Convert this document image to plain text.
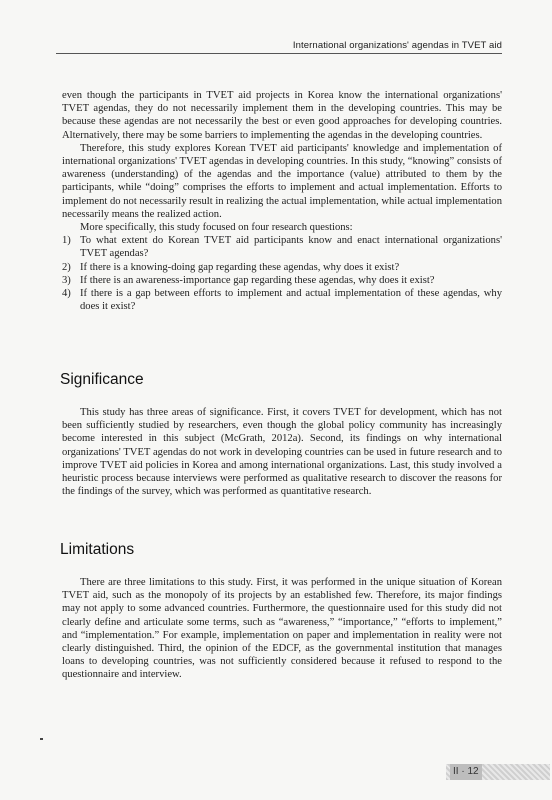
International organizations' agendas in TVET aid

even though the participants in TVET aid projects in Korea know the international organizations' TVET agendas, they do not necessarily implement them in the developing countries. This may be because these agendas are not necessarily the best or even good approaches for developing countries. Alternatively, there may be some barriers to implementing the agendas in the developing countries.

Therefore, this study explores Korean TVET aid participants' knowledge and implementation of international organizations' TVET agendas in developing countries. In this study, “knowing” consists of awareness (understanding) of the agendas and the importance (value) attributed to them by the participants, while “doing” comprises the efforts to implement and actual implementation. Efforts to implement do not necessarily result in realizing the actual implementation, while actual implementation necessarily means the realized action.

More specifically, this study focused on four research questions:

1) To what extent do Korean TVET aid participants know and enact international organizations' TVET agendas?
2) If there is a knowing-doing gap regarding these agendas, why does it exist?
3) If there is an awareness-importance gap regarding these agendas, why does it exist?
4) If there is a gap between efforts to implement and actual implementation of these agendas, why does it exist?
Significance

This study has three areas of significance. First, it covers TVET for development, which has not been sufficiently studied by researchers, even though the global policy community has increasingly become interested in this subject (McGrath, 2012a). Second, its findings on why international organizations' TVET agendas do not work in developing countries can be used in future research and to improve TVET aid policies in Korea and among international organizations. Last, this study involved a heuristic process because interviews were performed as qualitative research to discover the reasons for the findings of the survey, which was performed as quantitative research.

Limitations

There are three limitations to this study. First, it was performed in the unique situation of Korean TVET aid, such as the monopoly of its projects by an established few. Therefore, its major findings may not apply to some advanced countries. Furthermore, the questionnaire used for this study did not clearly define and articulate some terms, such as “awareness,” “importance,” “efforts to implement,” and “implementation.” For example, implementation on paper and implementation in reality were not clearly distinguished. Third, the opinion of the EDCF, as the governmental institution that manages loans to developing countries, was not sufficiently considered because it refused to respond to the questionnaire and interview.

II · 12
